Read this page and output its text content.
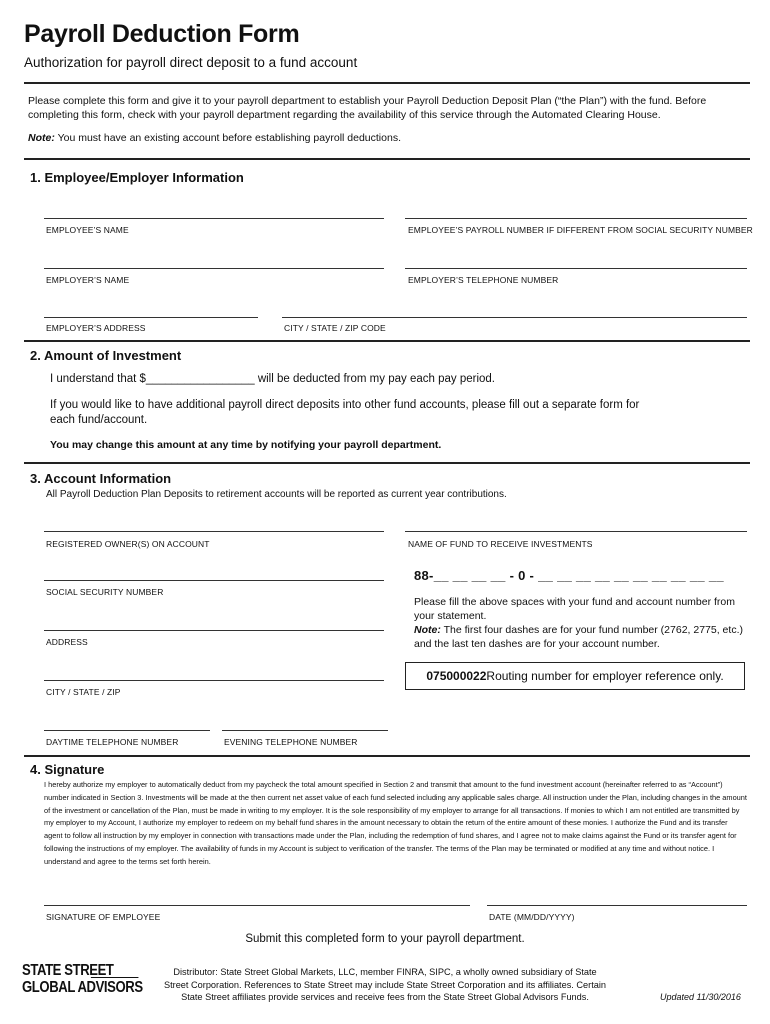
Payroll Deduction Form
Authorization for payroll direct deposit to a fund account
Please complete this form and give it to your payroll department to establish your Payroll Deduction Deposit Plan (“the Plan”) with the fund. Before completing this form, check with your payroll department regarding the availability of this service through the Automated Clearing House.
Note: You must have an existing account before establishing payroll deductions.
1. Employee/Employer Information
EMPLOYEE’S NAME	EMPLOYEE’S PAYROLL NUMBER IF DIFFERENT FROM SOCIAL SECURITY NUMBER
EMPLOYER’S NAME	EMPLOYER’S TELEPHONE NUMBER
EMPLOYER’S ADDRESS	CITY / STATE / ZIP CODE
2. Amount of Investment
I understand that $_________________ will be deducted from my pay each pay period.
If you would like to have additional payroll direct deposits into other fund accounts, please fill out a separate form for each fund/account.
You may change this amount at any time by notifying your payroll department.
3. Account Information
All Payroll Deduction Plan Deposits to retirement accounts will be reported as current year contributions.
REGISTERED OWNER(S) ON ACCOUNT	NAME OF FUND TO RECEIVE INVESTMENTS
SOCIAL SECURITY NUMBER
88-__ __ __ __ - 0 - __ __ __ __ __ __ __ __ __ __
Please fill the above spaces with your fund and account number from your statement.
Note: The first four dashes are for your fund number (2762, 2775, etc.) and the last ten dashes are for your account number.
ADDRESS
075000022 Routing number for employer reference only.
CITY / STATE / ZIP
DAYTIME TELEPHONE NUMBER	EVENING TELEPHONE NUMBER
4. Signature
I hereby authorize my employer to automatically deduct from my paycheck the total amount specified in Section 2 and transmit that amount to the fund investment account (hereinafter referred to as “Account”) number indicated in Section 3. Investments will be made at the then current net asset value of each fund selected including any applicable sales charge. All instruction under the Plan, including changes in the amount of the investment or cancellation of the Plan, must be made in writing to my employer. It is the sole responsibility of my employer to arrange for all transactions. If monies to which I am not entitled are transmitted by my employer to my Account, I authorize my employer to redeem on my behalf fund shares in the amount necessary to obtain the return of the entire amount of these monies. I authorize the Fund and its transfer agent to follow all instruction by my employer in connection with transactions made under the Plan, including the redemption of fund shares, and I agree not to make claims against the Fund or its transfer agent for following the instructions of my employer. The availability of funds in my Account is subject to verification of the transfer. The terms of the Plan may be terminated or modified at any time and without notice. I understand and agree to the terms set forth herein.
SIGNATURE OF EMPLOYEE	DATE (MM/DD/YYYY)
Submit this completed form to your payroll department.
STATE STREET
GLOBAL ADVISORS
Distributor: State Street Global Markets, LLC, member FINRA, SIPC, a wholly owned subsidiary of State Street Corporation. References to State Street may include State Street Corporation and its affiliates. Certain State Street affiliates provide services and receive fees from the State Street Global Advisors Funds.	Updated 11/30/2016
